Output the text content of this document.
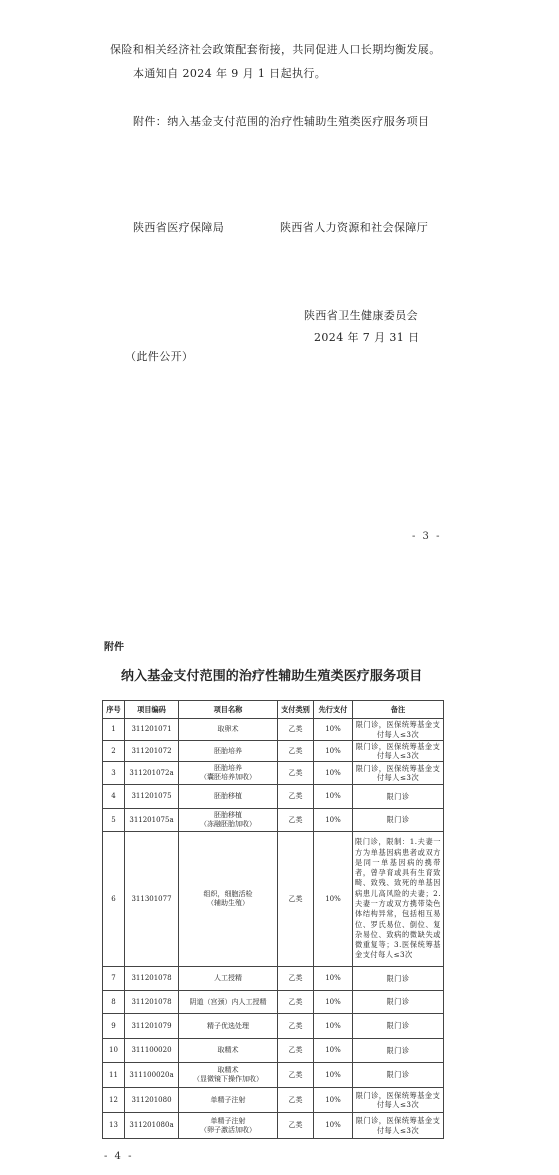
保险和相关经济社会政策配套衔接，共同促进人口长期均衡发展。
本通知自 2024 年 9 月 1 日起执行。
附件：纳入基金支付范围的治疗性辅助生殖类医疗服务项目
陕西省医疗保障局	陕西省人力资源和社会保障厅
陕西省卫生健康委员会
2024 年 7 月 31 日
（此件公开）
- 3 -
附件
纳入基金支付范围的治疗性辅助生殖类医疗服务项目
序号	项目编码	项目名称	支付类别	先行支付	备注
1	311201071	取卵术	乙类	10%	限门诊，医保统筹基金支付每人≤3次
2	311201072	胚胎培养	乙类	10%	限门诊，医保统筹基金支付每人≤3次
3	311201072a	胚胎培养
（囊胚培养加收）	乙类	10%	限门诊，医保统筹基金支付每人≤3次
4	311201075	胚胎移植	乙类	10%	限门诊
5	311201075a	胚胎移植
（冻融胚胎加收）	乙类	10%	限门诊
6	311301077	组织，细胞活检
（辅助生殖）	乙类	10%	限门诊，限制：1.夫妻一方为单基因病患者或双方是同一单基因病的携带者，曾孕育或具有生育致畸、致残、致死的单基因病患儿高风险的夫妻；2.夫妻一方或双方携带染色体结构异常，包括相互易位、罗氏易位、倒位、复杂易位、致病的微缺失或微重复等；3.医保统筹基金支付每人≤3次
7	311201078	人工授精	乙类	10%	限门诊
8	311201078	阴道（宫颈）内人工授精	乙类	10%	限门诊
9	311201079	精子优选处理	乙类	10%	限门诊
10	311100020	取精术	乙类	10%	限门诊
11	311100020a	取精术
（显微镜下操作加收）	乙类	10%	限门诊
12	311201080	单精子注射	乙类	10%	限门诊，医保统筹基金支付每人≤3次
13	311201080a	单精子注射
（卵子激活加收）	乙类	10%	限门诊，医保统筹基金支付每人≤3次
- 4 -
